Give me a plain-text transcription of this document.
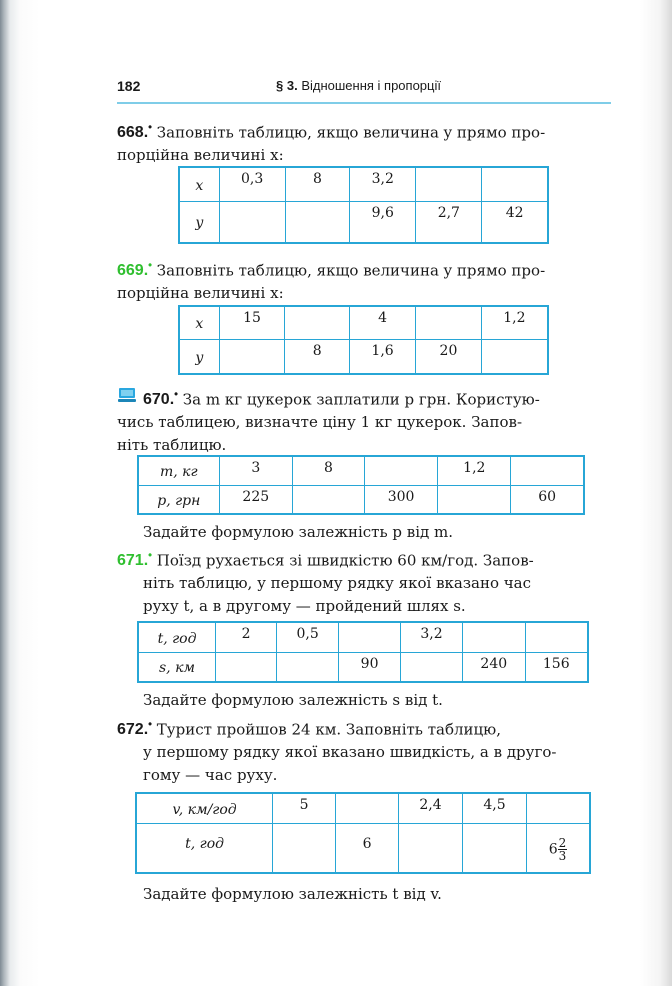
182	§ 3. Відношення і пропорції

668.• Заповніть таблицю, якщо величина y прямо про-

порційна величині x:

x	0,3	8	3,2		
y			9,6	2,7	42

669.• Заповніть таблицю, якщо величина y прямо про-

порційна величині x:

x	15		4		1,2
y		8	1,6	20	

670.• За m кг цукерок заплатили p грн. Користую-

чись таблицею, визначте ціну 1 кг цукерок. Запов-

ніть таблицю.

m, кг	3	8		1,2	
p, грн	225		300		60

Задайте формулою залежність p від m.

671.• Поїзд рухається зі швидкістю 60 км/год. Запов-

ніть таблицю, у першому рядку якої вказано час

руху t, а в другому — пройдений шлях s.

t, год	2	0,5		3,2		
s, км			90		240	156

Задайте формулою залежність s від t.

672.• Турист пройшов 24 км. Заповніть таблицю,

у першому рядку якої вказано швидкість, а в друго-

гому — час руху.

v, км/год	5		2,4	4,5	
t, год		6			$6 \frac{2}{3}$

Задайте формулою залежність t від v.
